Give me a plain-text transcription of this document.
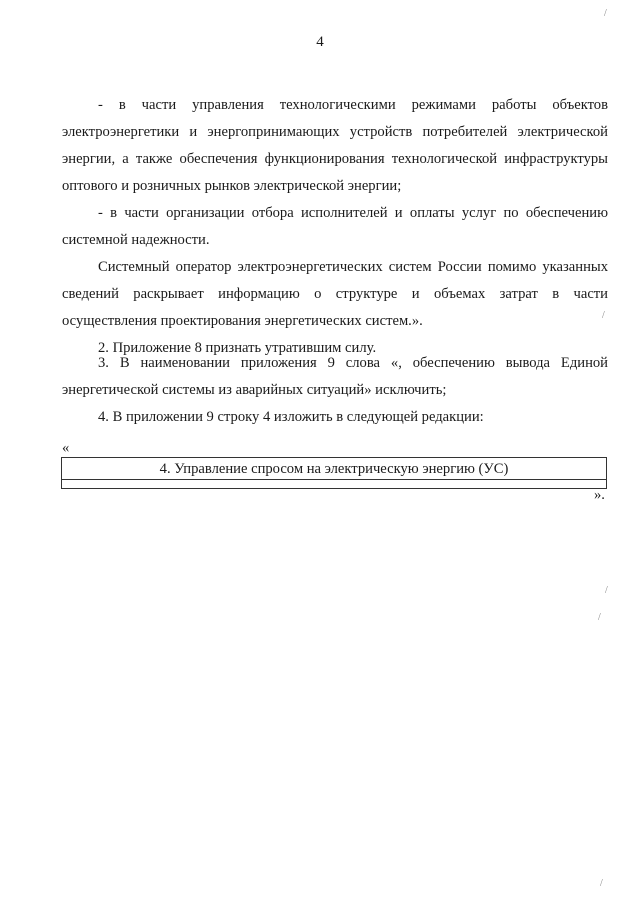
4
- в части управления технологическими режимами работы объектов электроэнергетики и энергопринимающих устройств потребителей электрической энергии, а также обеспечения функционирования технологической инфраструктуры оптового и розничных рынков электрической энергии;
- в части организации отбора исполнителей и оплаты услуг по обеспечению системной надежности.
Системный оператор электроэнергетических систем России помимо указанных сведений раскрывает информацию о структуре и объемах затрат в части осуществления проектирования энергетических систем.».
2. Приложение 8 признать утратившим силу.
3. В наименовании приложения 9 слова «, обеспечению вывода Единой энергетической системы из аварийных ситуаций» исключить;
4. В приложении 9 строку 4 изложить в следующей редакции:
«
4. Управление спросом на электрическую энергию (УС)
».
/
/
/
/
/
